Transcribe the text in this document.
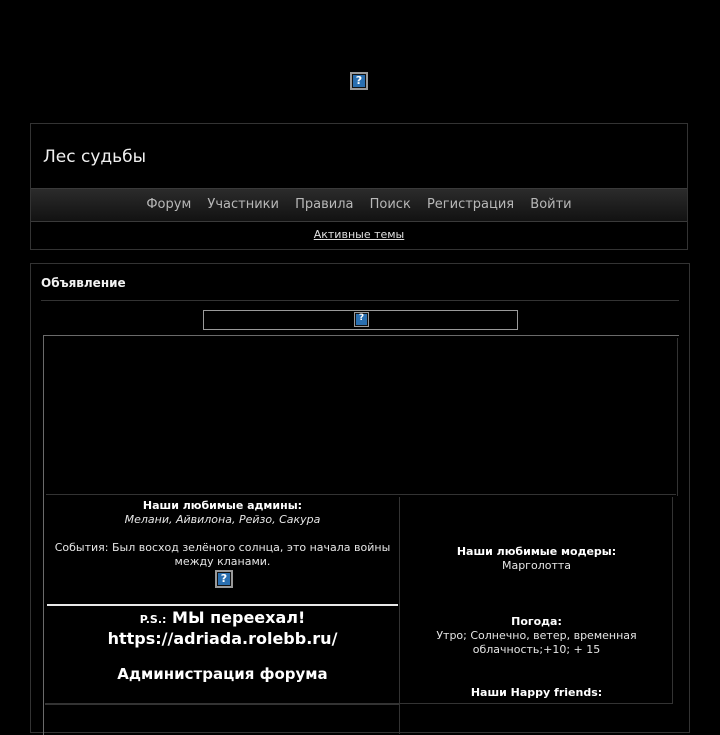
?
Лес судьбы
Форум Участники Правила Поиск Регистрация Войти
Активные темы
Объявление
?
Наши любимые админы:
Мелани, Айвилона, Рейзо, Сакура
События: Был восход зелёного солнца, это начала войны между кланами.
?
P.S.: МЫ переехал!
https://adriada.rolebb.ru/
Администрация форума
Наши любимые модеры:
Марголотта
Погода:
Утро; Солнечно, ветер, временная облачность;+10; + 15
Наши Happy friends:
